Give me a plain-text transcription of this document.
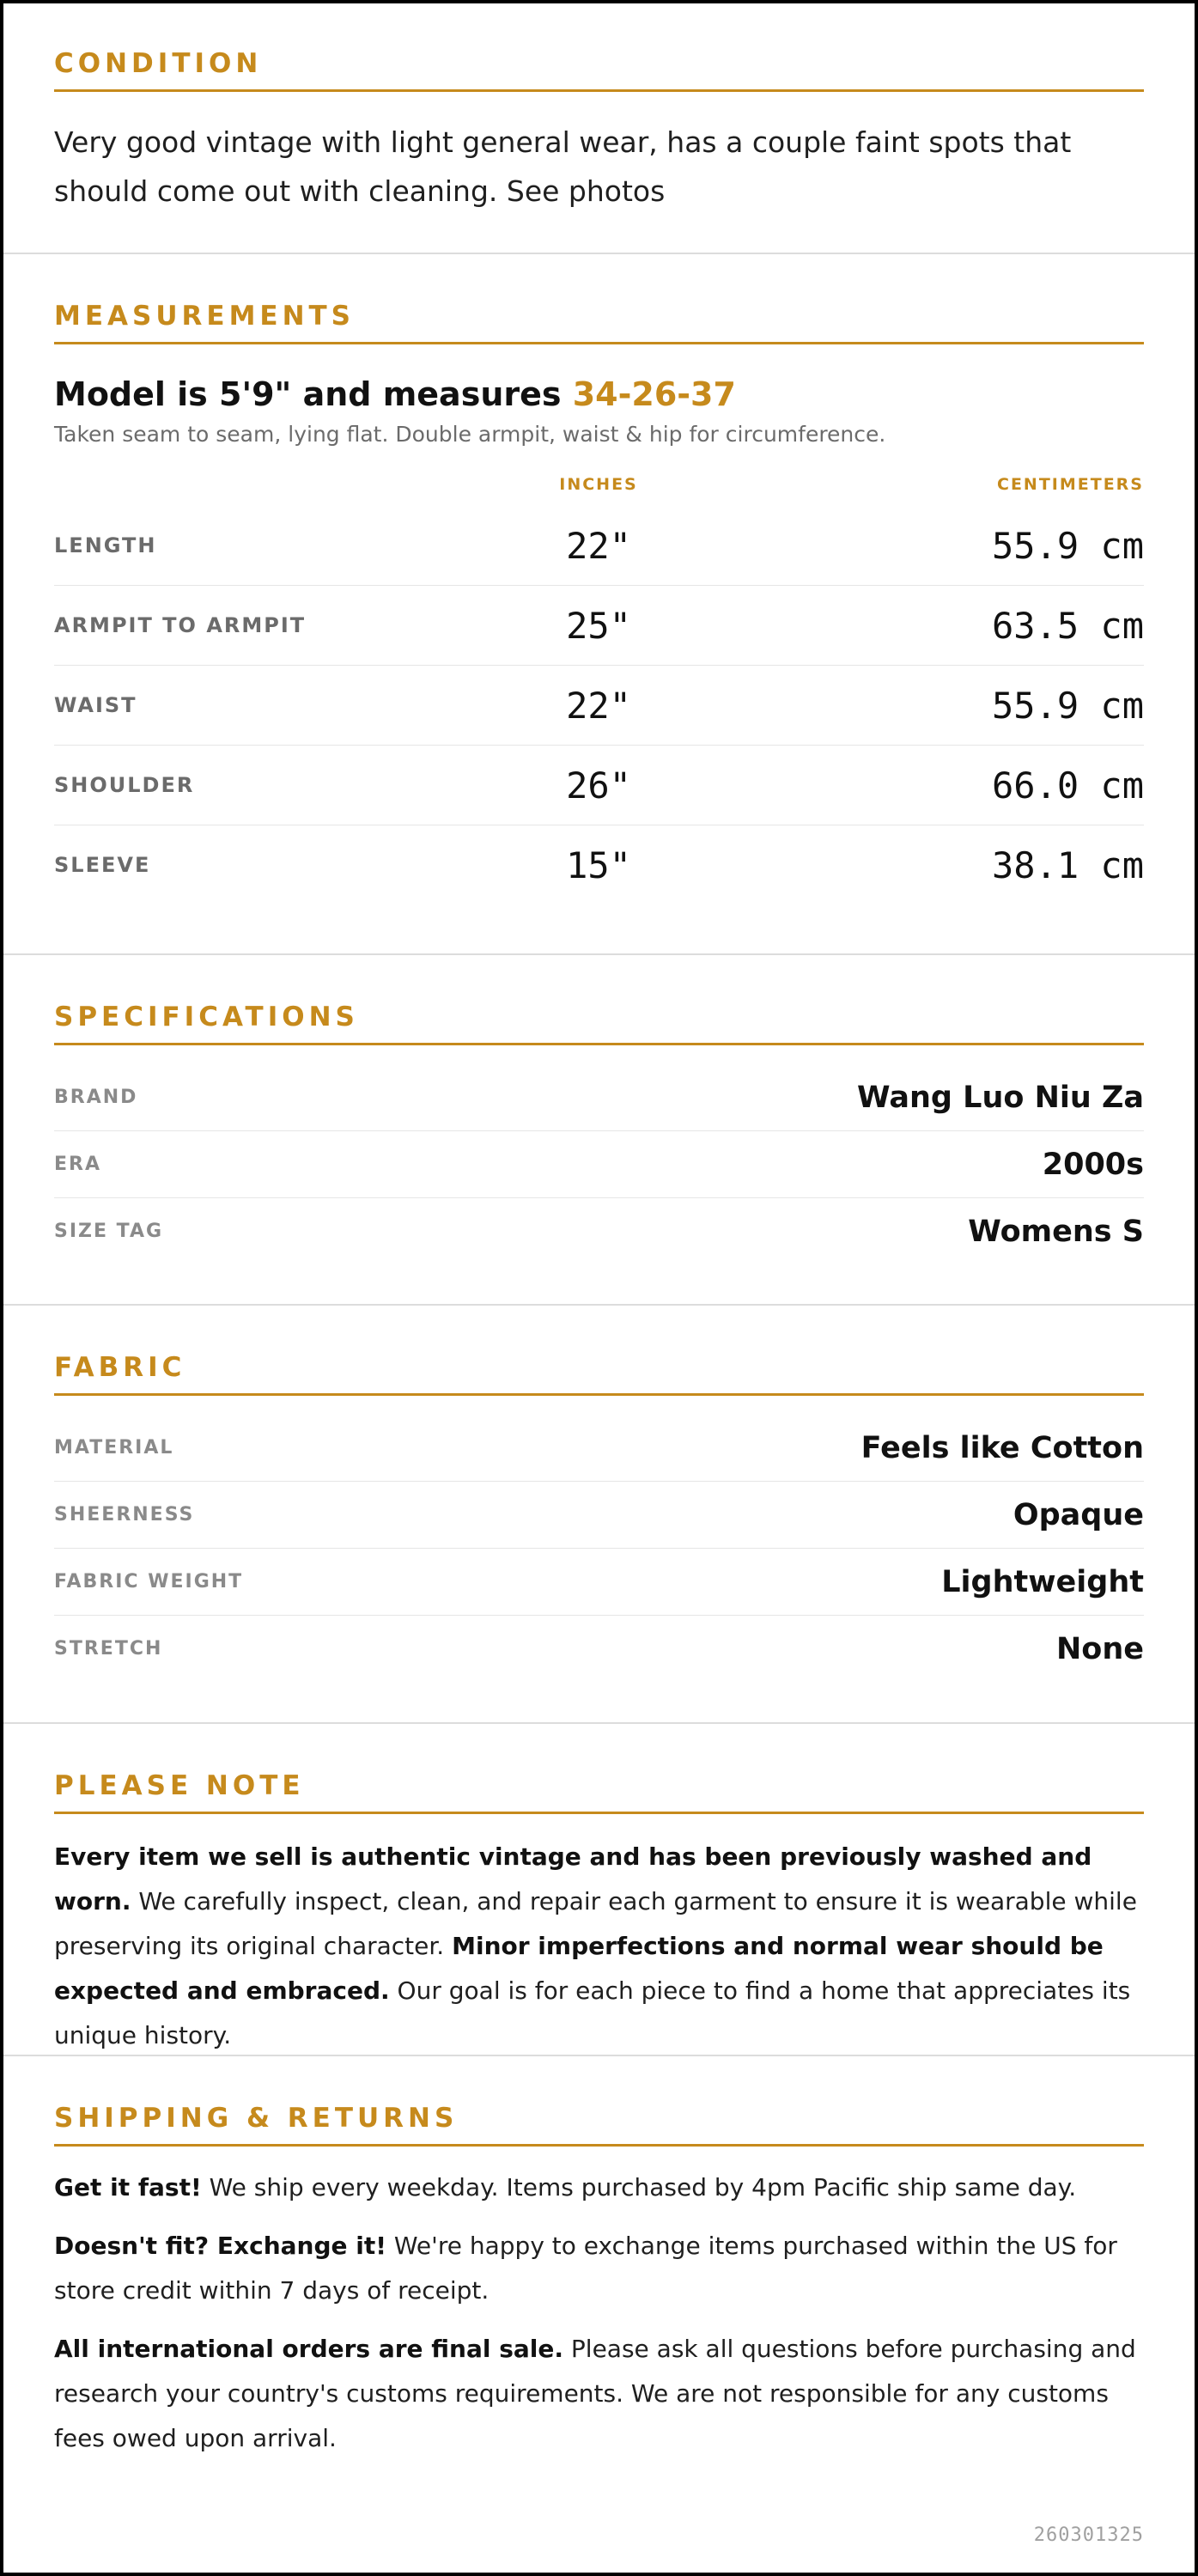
CONDITION

Very good vintage with light general wear, has a couple faint spots that should come out with cleaning. See photos

MEASUREMENTS
Model is 5'9" and measures 34-26-37
Taken seam to seam, lying flat. Double armpit, waist & hip for circumference.
INCHES	CENTIMETERS
LENGTH	22"	55.9 cm
ARMPIT TO ARMPIT	25"	63.5 cm
WAIST	22"	55.9 cm
SHOULDER	26"	66.0 cm
SLEEVE	15"	38.1 cm
SPECIFICATIONS
BRAND	Wang Luo Niu Za
ERA	2000s
SIZE TAG	Womens S
FABRIC
MATERIAL	Feels like Cotton
SHEERNESS	Opaque
FABRIC WEIGHT	Lightweight
STRETCH	None
PLEASE NOTE

Every item we sell is authentic vintage and has been previously washed and worn. We carefully inspect, clean, and repair each garment to ensure it is wearable while preserving its original character. Minor imperfections and normal wear should be expected and embraced. Our goal is for each piece to find a home that appreciates its unique history.

SHIPPING & RETURNS

Get it fast! We ship every weekday. Items purchased by 4pm Pacific ship same day.

Doesn't fit? Exchange it! We're happy to exchange items purchased within the US for store credit within 7 days of receipt.

All international orders are final sale. Please ask all questions before purchasing and research your country's customs requirements. We are not responsible for any customs fees owed upon arrival.

260301325
